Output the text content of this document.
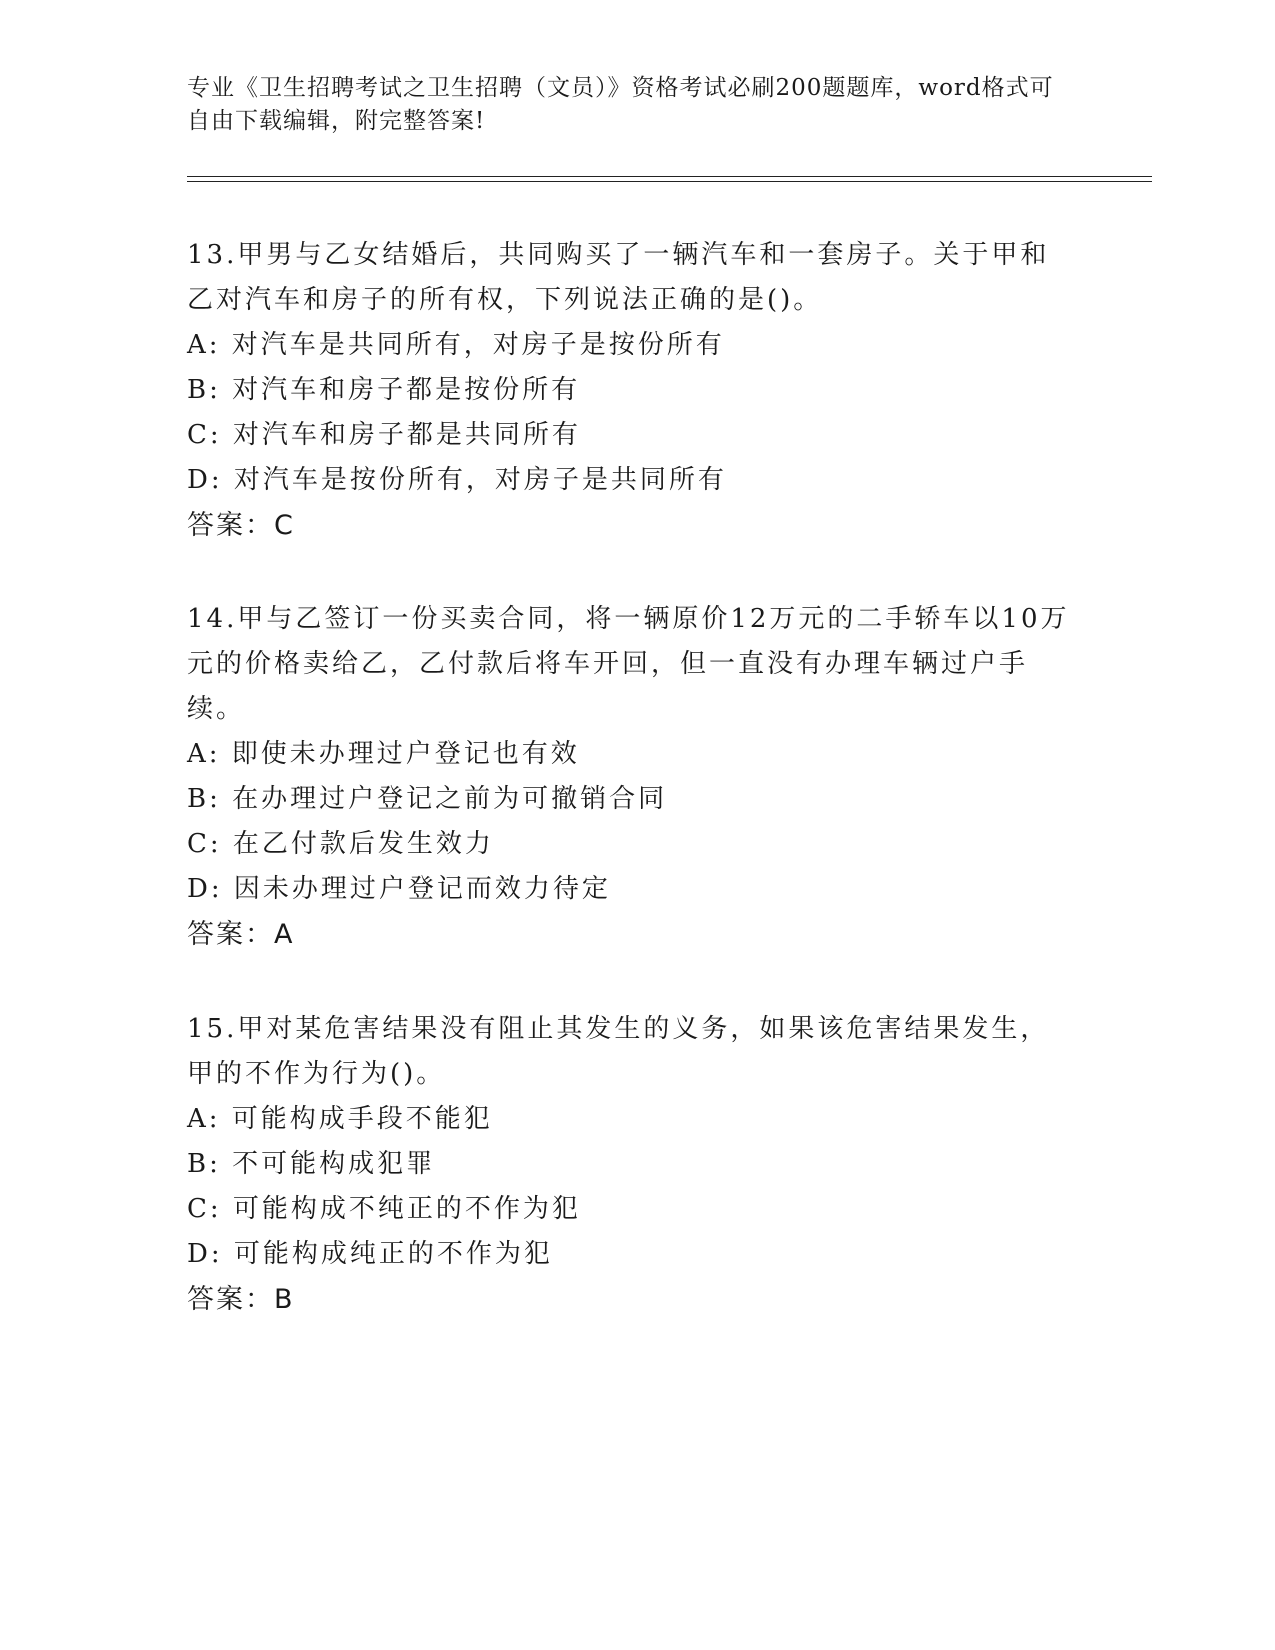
专业《卫生招聘考试之卫生招聘（文员）》资格考试必刷200题题库，word格式可自由下载编辑，附完整答案!
13.甲男与乙女结婚后，共同购买了一辆汽车和一套房子。关于甲和乙对汽车和房子的所有权，下列说法正确的是()。
A: 对汽车是共同所有，对房子是按份所有
B: 对汽车和房子都是按份所有
C: 对汽车和房子都是共同所有
D: 对汽车是按份所有，对房子是共同所有
答案：C
14.甲与乙签订一份买卖合同，将一辆原价12万元的二手轿车以10万元的价格卖给乙，乙付款后将车开回，但一直没有办理车辆过户手续。
A: 即使未办理过户登记也有效
B: 在办理过户登记之前为可撤销合同
C: 在乙付款后发生效力
D: 因未办理过户登记而效力待定
答案：A
15.甲对某危害结果没有阻止其发生的义务，如果该危害结果发生，甲的不作为行为()。
A: 可能构成手段不能犯
B: 不可能构成犯罪
C: 可能构成不纯正的不作为犯
D: 可能构成纯正的不作为犯
答案：B
